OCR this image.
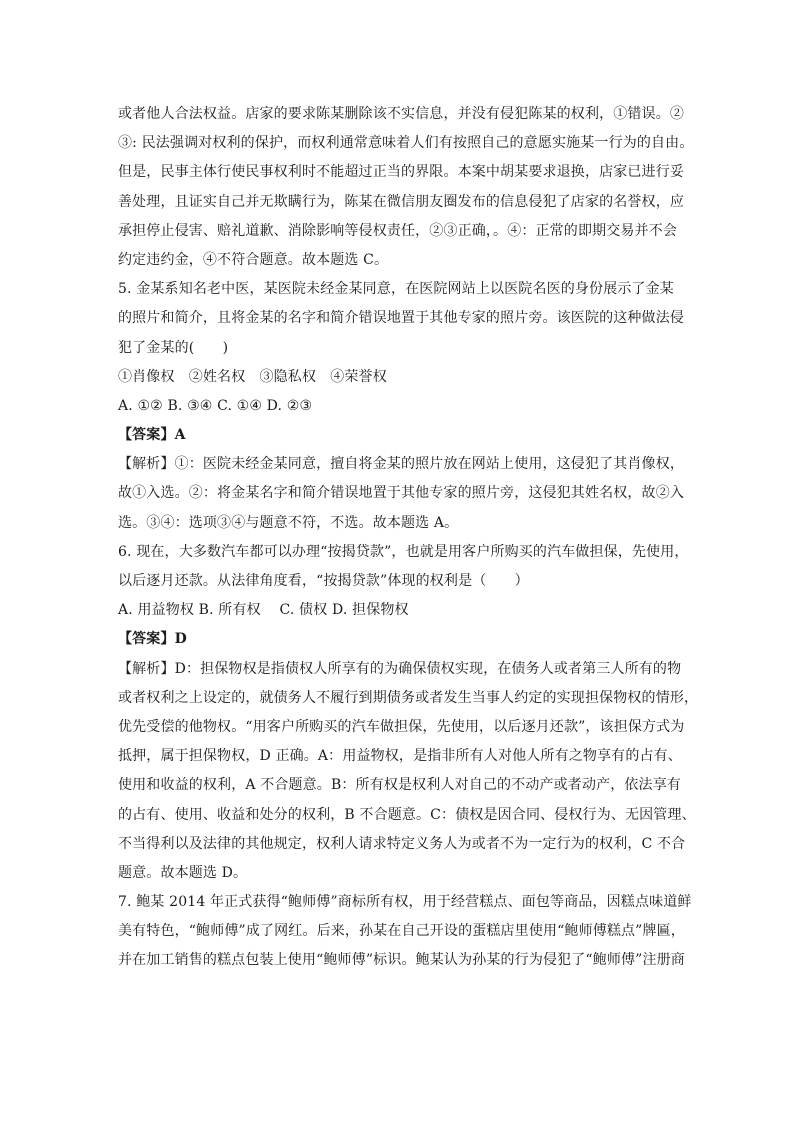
或者他人合法权益。店家的要求陈某删除该不实信息，并没有侵犯陈某的权利，①错误。②
③: 民法强调对权利的保护，而权利通常意味着人们有按照自己的意愿实施某一行为的自由。
但是，民事主体行使民事权利时不能超过正当的界限。本案中胡某要求退换，店家已进行妥
善处理，且证实自己并无欺瞒行为，陈某在微信朋友圈发布的信息侵犯了店家的名誉权，应
承担停止侵害、赔礼道歉、消除影响等侵权责任，②③正确，。④：正常的即期交易并不会
约定违约金，④不符合题意。故本题选 C。
5. 金某系知名老中医，某医院未经金某同意，在医院网站上以医院名医的身份展示了金某
的照片和简介，且将金某的名字和简介错误地置于其他专家的照片旁。该医院的这种做法侵
犯了金某的(　　)
①肖像权　②姓名权　③隐私权　④荣誉权
A. ①② B. ③④ C. ①④ D. ②③
【答案】A
【解析】①：医院未经金某同意，擅自将金某的照片放在网站上使用，这侵犯了其肖像权，
故①入选。②：将金某名字和简介错误地置于其他专家的照片旁，这侵犯其姓名权，故②入
选。③④：选项③④与题意不符，不选。故本题选 A。
6. 现在，大多数汽车都可以办理“按揭贷款”，也就是用客户所购买的汽车做担保，先使用，
以后逐月还款。从法律角度看，“按揭贷款”体现的权利是（　　）
A. 用益物权 B. 所有权　 C. 债权 D. 担保物权
【答案】D
【解析】D：担保物权是指债权人所享有的为确保债权实现，在债务人或者第三人所有的物
或者权利之上设定的，就债务人不履行到期债务或者发生当事人约定的实现担保物权的情形，
优先受偿的他物权。“用客户所购买的汽车做担保，先使用，以后逐月还款”，该担保方式为
抵押，属于担保物权，D 正确。A：用益物权，是指非所有人对他人所有之物享有的占有、
使用和收益的权利，A 不合题意。B：所有权是权利人对自己的不动产或者动产，依法享有
的占有、使用、收益和处分的权利，B 不合题意。C：债权是因合同、侵权行为、无因管理、
不当得利以及法律的其他规定，权利人请求特定义务人为或者不为一定行为的权利，C 不合
题意。故本题选 D。
7. 鲍某 2014 年正式获得“鲍师傅”商标所有权，用于经营糕点、面包等商品，因糕点味道鲜
美有特色，“鲍师傅”成了网红。后来，孙某在自己开设的蛋糕店里使用“鲍师傅糕点”牌匾，
并在加工销售的糕点包装上使用“鲍师傅”标识。鲍某认为孙某的行为侵犯了“鲍师傅”注册商
